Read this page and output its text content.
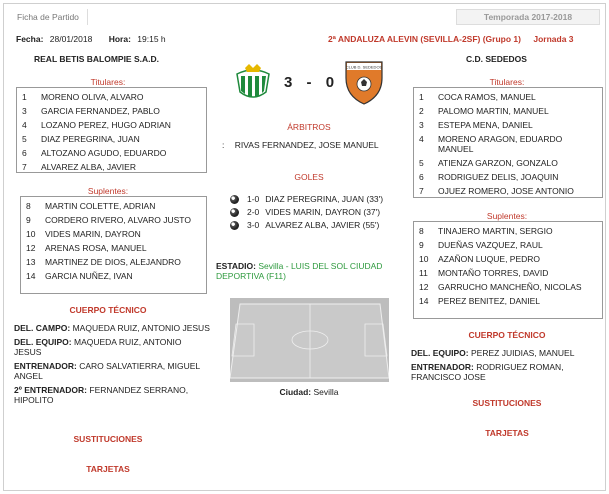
Ficha de Partido	Temporada 2017-2018
Fecha: 28/01/2018 Hora: 19:15 h	2ª ANDALUZA ALEVIN (SEVILLA-2SF) (Grupo 1) Jornada 3
REAL BETIS BALOMPIE S.A.D.	C.D. SEDEDOS
3 - 0
CLUB D. SEDEDOS
Titulares:
1	MORENO OLIVA, ALVARO
3	GARCIA FERNANDEZ, PABLO
4	LOZANO PEREZ, HUGO ADRIAN
5	DIAZ PEREGRINA, JUAN
6	ALTOZANO AGUDO, EDUARDO
7	ALVAREZ ALBA, JAVIER
Suplentes:
8	MARTIN COLETTE, ADRIAN
9	CORDERO RIVERO, ALVARO JUSTO
10	VIDES MARIN, DAYRON
12	ARENAS ROSA, MANUEL
13	MARTINEZ DE DIOS, ALEJANDRO
14	GARCIA NUÑEZ, IVAN
CUERPO TÉCNICO
DEL. CAMPO: MAQUEDA RUIZ, ANTONIO JESUS
DEL. EQUIPO: MAQUEDA RUIZ, ANTONIO JESUS
ENTRENADOR: CARO SALVATIERRA, MIGUEL ANGEL
2º ENTRENADOR: FERNANDEZ SERRANO, HIPOLITO
SUSTITUCIONES
TARJETAS
ÁRBITROS
: RIVAS FERNANDEZ, JOSE MANUEL
GOLES
1-0 DIAZ PEREGRINA, JUAN (33')
2-0 VIDES MARIN, DAYRON (37')
3-0 ALVAREZ ALBA, JAVIER (55')
ESTADIO: Sevilla - LUIS DEL SOL CIUDAD DEPORTIVA (F11)
Ciudad: Sevilla
Titulares:
1	COCA RAMOS, MANUEL
2	PALOMO MARTIN, MANUEL
3	ESTEPA MENA, DANIEL
4	MORENO ARAGON, EDUARDO MANUEL
5	ATIENZA GARZON, GONZALO
6	RODRIGUEZ DELIS, JOAQUIN
7	OJUEZ ROMERO, JOSE ANTONIO
Suplentes:
8	TINAJERO MARTIN, SERGIO
9	DUEÑAS VAZQUEZ, RAUL
10	AZAÑON LUQUE, PEDRO
11	MONTAÑO TORRES, DAVID
12	GARRUCHO MANCHEÑO, NICOLAS
14	PEREZ BENITEZ, DANIEL
CUERPO TÉCNICO
DEL. EQUIPO: PEREZ JUIDIAS, MANUEL
ENTRENADOR: RODRIGUEZ ROMAN, FRANCISCO JOSE
SUSTITUCIONES
TARJETAS
